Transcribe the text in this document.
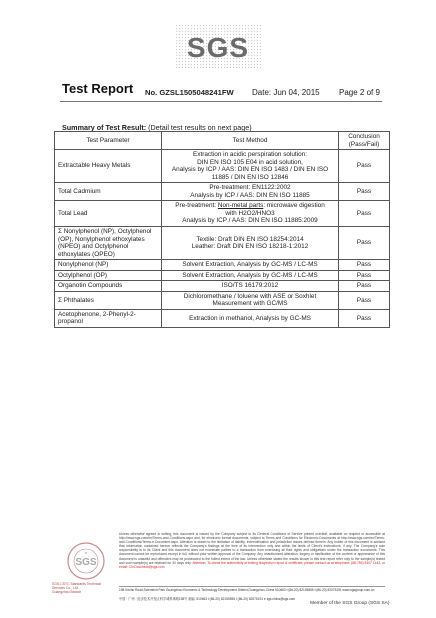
SGS
Test Report No. GZSL1505048241FW Date: Jun 04, 2015 Page 2 of 9
Summary of Test Result: (Detail test results on next page)
Test Parameter	Test Method	Conclusion (Pass/Fail)
Extractable Heavy Metals	Extraction in acidic perspiration solution:
DIN EN ISO 105 E04 in acid solution,
Analysis by ICP / AAS: DIN EN ISO 1483 / DIN EN ISO
11885 / DIN EN ISO 12846	Pass
Total Cadmium	Pre-treatment: EN1122:2002
Analysis by ICP / AAS: DIN EN ISO 11885	Pass
Total Lead	Pre-treatment: Non-metal parts: microwave digestion
with H2O2/HNO3
Analysis by ICP / AAS: DIN EN ISO 11885:2009	Pass
Σ Nonylphenol (NP), Octylphenol (OP), Nonylphenol ethoxylates (NPEO) and Octylphenol ethoxylates (OPEO)	Textile: Draft DIN EN ISO 18254:2014
Leather: Draft DIN EN ISO 18218-1:2012	Pass
Nonylphenol (NP)	Solvent Extraction, Analysis by GC-MS / LC-MS	Pass
Octylphenol (OP)	Solvent Extraction, Analysis by GC-MS / LC-MS	Pass
Organotin Compounds	ISO/TS 16179:2012	Pass
Σ Phthalates	Dichloromethane / toluene with ASE or Soxhlet
Measurement with GC/MS	Pass
Acetophenone, 2-Phenyl-2-propanol	Extraction in methanol, Analysis by GC-MS	Pass
SGS
★
SGS-CSTC Standards Technical Services Co., Ltd.
Guangzhou Branch
Unless otherwise agreed in writing, this document is issued by the Company subject to its General Conditions of Service printed overleaf, available on request or accessible at http://www.sgs.com/en/Terms-and-Conditions.aspx and, for electronic format documents, subject to Terms and Conditions for Electronic Documents at http://www.sgs.com/en/Terms-and-Conditions/Terms-e-Document.aspx. Attention is drawn to the limitation of liability, indemnification and jurisdiction issues defined therein. Any holder of this document is advised that information contained hereon reflects the Company's findings at the time of its intervention only and within the limits of Client's instructions, if any. The Company's sole responsibility is to its Client and this document does not exonerate parties to a transaction from exercising all their rights and obligations under the transaction documents. This document cannot be reproduced except in full, without prior written approval of the Company. Any unauthorized alteration, forgery or falsification of the content or appearance of this document is unlawful and offenders may be prosecuted to the fullest extent of the law. Unless otherwise stated the results shown in this test report refer only to the sample(s) tested and such sample(s) are retained for 30 days only. Attention: To check the authenticity of testing /inspection report & certificate, please contact us at telephone: (86-755) 8307 1443, or email: CN.Doccheck@sgs.com
198 Kezhu Road,Scientech Park Guangzhou Economic & Technology Development District,Guangzhou,China 510663 t (86-20) 82155555 f (86-20) 82075191 www.sgsgroup.com.cn
中国 · 广州 · 经济技术开发区科学城科珠路198号 邮编: 510663 t (86-20) 82155555 f (86-20) 82075191 e sgs.china@sgs.com
Member of the SGS Group (SGS SA)
